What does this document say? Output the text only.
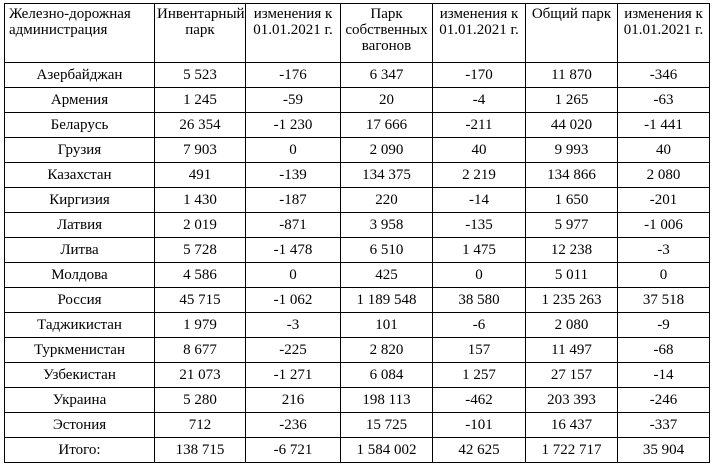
Железно-дорожная администрация	Инвентарный парк	изменения к 01.01.2021 г.	Парк собственных вагонов	изменения к 01.01.2021 г.	Общий парк	изменения к 01.01.2021 г.
Азербайджан	5 523	-176	6 347	-170	11 870	-346
Армения	1 245	-59	20	-4	1 265	-63
Беларусь	26 354	-1 230	17 666	-211	44 020	-1 441
Грузия	7 903	0	2 090	40	9 993	40
Казахстан	491	-139	134 375	2 219	134 866	2 080
Киргизия	1 430	-187	220	-14	1 650	-201
Латвия	2 019	-871	3 958	-135	5 977	-1 006
Литва	5 728	-1 478	6 510	1 475	12 238	-3
Молдова	4 586	0	425	0	5 011	0
Россия	45 715	-1 062	1 189 548	38 580	1 235 263	37 518
Таджикистан	1 979	-3	101	-6	2 080	-9
Туркменистан	8 677	-225	2 820	157	11 497	-68
Узбекистан	21 073	-1 271	6 084	1 257	27 157	-14
Украина	5 280	216	198 113	-462	203 393	-246
Эстония	712	-236	15 725	-101	16 437	-337
Итого:	138 715	-6 721	1 584 002	42 625	1 722 717	35 904
